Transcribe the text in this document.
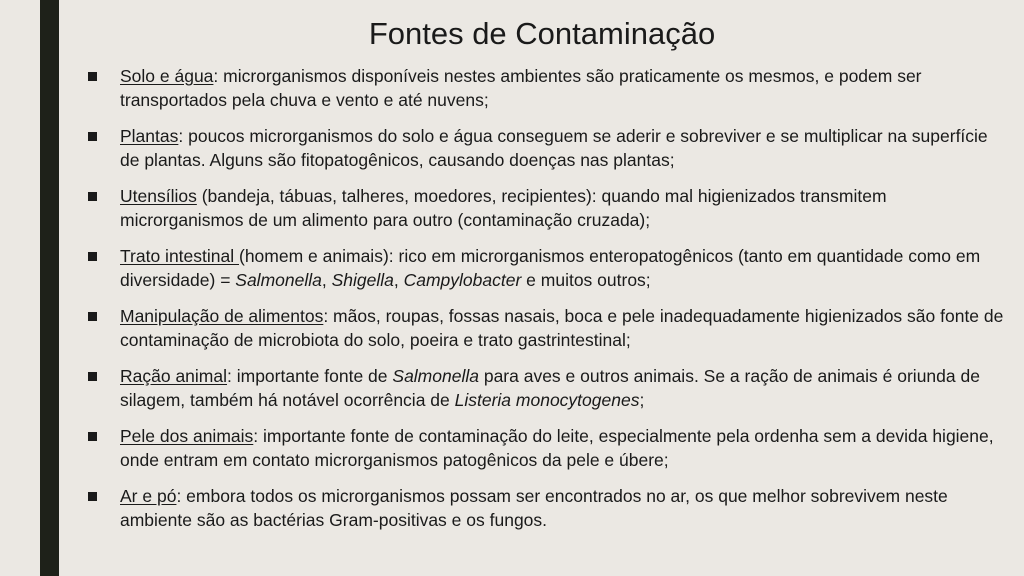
Fontes de Contaminação
Solo e água: microrganismos disponíveis nestes ambientes são praticamente os mesmos, e podem ser transportados pela chuva e vento e até nuvens;
Plantas: poucos microrganismos do solo e água conseguem se aderir e sobreviver e se multiplicar na superfície de plantas. Alguns são fitopatogênicos, causando doenças nas plantas;
Utensílios (bandeja, tábuas, talheres, moedores, recipientes): quando mal higienizados transmitem microrganismos de um alimento para outro (contaminação cruzada);
Trato intestinal (homem e animais): rico em microrganismos enteropatogênicos (tanto em quantidade como em diversidade) = Salmonella, Shigella, Campylobacter e muitos outros;
Manipulação de alimentos: mãos, roupas, fossas nasais, boca e pele inadequadamente higienizados são fonte de contaminação de microbiota do solo, poeira e trato gastrintestinal;
Ração animal: importante fonte de Salmonella para aves e outros animais. Se a ração de animais é oriunda de silagem, também há notável ocorrência de Listeria monocytogenes;
Pele dos animais: importante fonte de contaminação do leite, especialmente pela ordenha sem a devida higiene, onde entram em contato microrganismos patogênicos da pele e úbere;
Ar e pó: embora todos os microrganismos possam ser encontrados no ar, os que melhor sobrevivem neste ambiente são as bactérias Gram-positivas e os fungos.
